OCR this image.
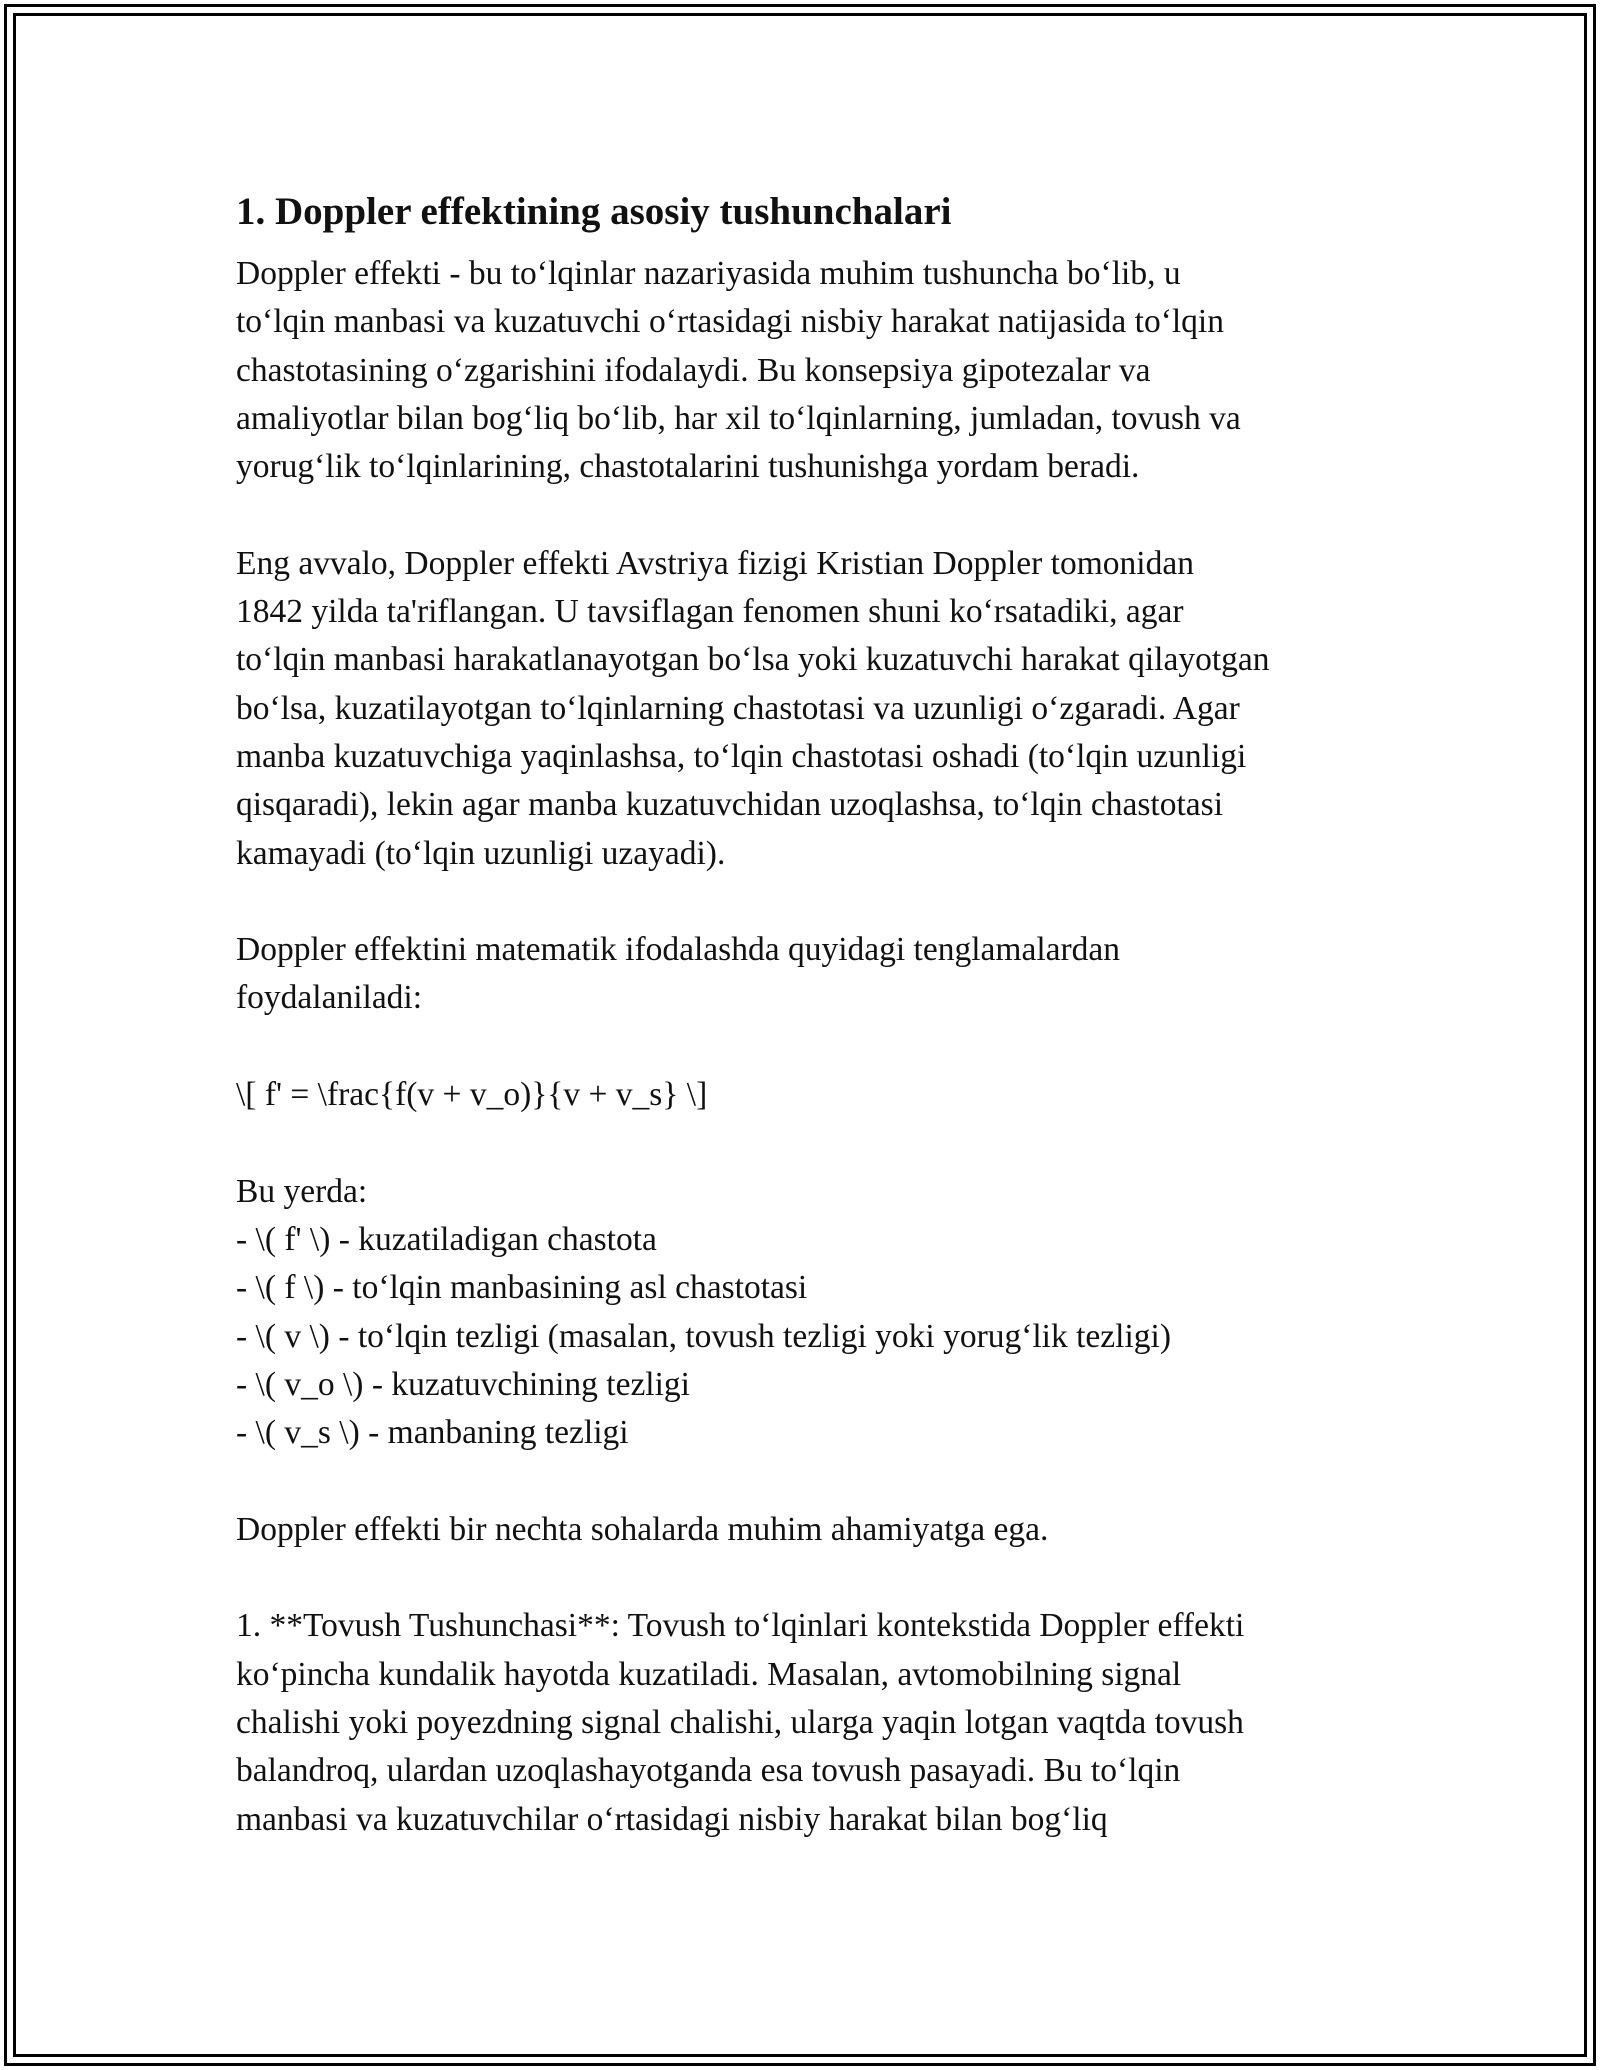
1. Doppler effektining asosiy tushunchalari

Doppler effekti - bu to‘lqinlar nazariyasida muhim tushuncha bo‘lib, u
to‘lqin manbasi va kuzatuvchi o‘rtasidagi nisbiy harakat natijasida to‘lqin
chastotasining o‘zgarishini ifodalaydi. Bu konsepsiya gipotezalar va
amaliyotlar bilan bog‘liq bo‘lib, har xil to‘lqinlarning, jumladan, tovush va
yorug‘lik to‘lqinlarining, chastotalarini tushunishga yordam beradi.

Eng avvalo, Doppler effekti Avstriya fizigi Kristian Doppler tomonidan
1842 yilda ta'riflangan. U tavsiflagan fenomen shuni ko‘rsatadiki, agar
to‘lqin manbasi harakatlanayotgan bo‘lsa yoki kuzatuvchi harakat qilayotgan
bo‘lsa, kuzatilayotgan to‘lqinlarning chastotasi va uzunligi o‘zgaradi. Agar
manba kuzatuvchiga yaqinlashsa, to‘lqin chastotasi oshadi (to‘lqin uzunligi
qisqaradi), lekin agar manba kuzatuvchidan uzoqlashsa, to‘lqin chastotasi
kamayadi (to‘lqin uzunligi uzayadi).

Doppler effektini matematik ifodalashda quyidagi tenglamalardan
foydalaniladi:

\[ f' = \frac{f(v + v_o)}{v + v_s} \]

Bu yerda:

- \( f' \) - kuzatiladigan chastota
- \( f \) - to‘lqin manbasining asl chastotasi
- \( v \) - to‘lqin tezligi (masalan, tovush tezligi yoki yorug‘lik tezligi)
- \( v_o \) - kuzatuvchining tezligi
- \( v_s \) - manbaning tezligi

Doppler effekti bir nechta sohalarda muhim ahamiyatga ega.

1. **Tovush Tushunchasi**: Tovush to‘lqinlari kontekstida Doppler effekti
ko‘pincha kundalik hayotda kuzatiladi. Masalan, avtomobilning signal
chalishi yoki poyezdning signal chalishi, ularga yaqin lotgan vaqtda tovush
balandroq, ulardan uzoqlashayotganda esa tovush pasayadi. Bu to‘lqin
manbasi va kuzatuvchilar o‘rtasidagi nisbiy harakat bilan bog‘liq
